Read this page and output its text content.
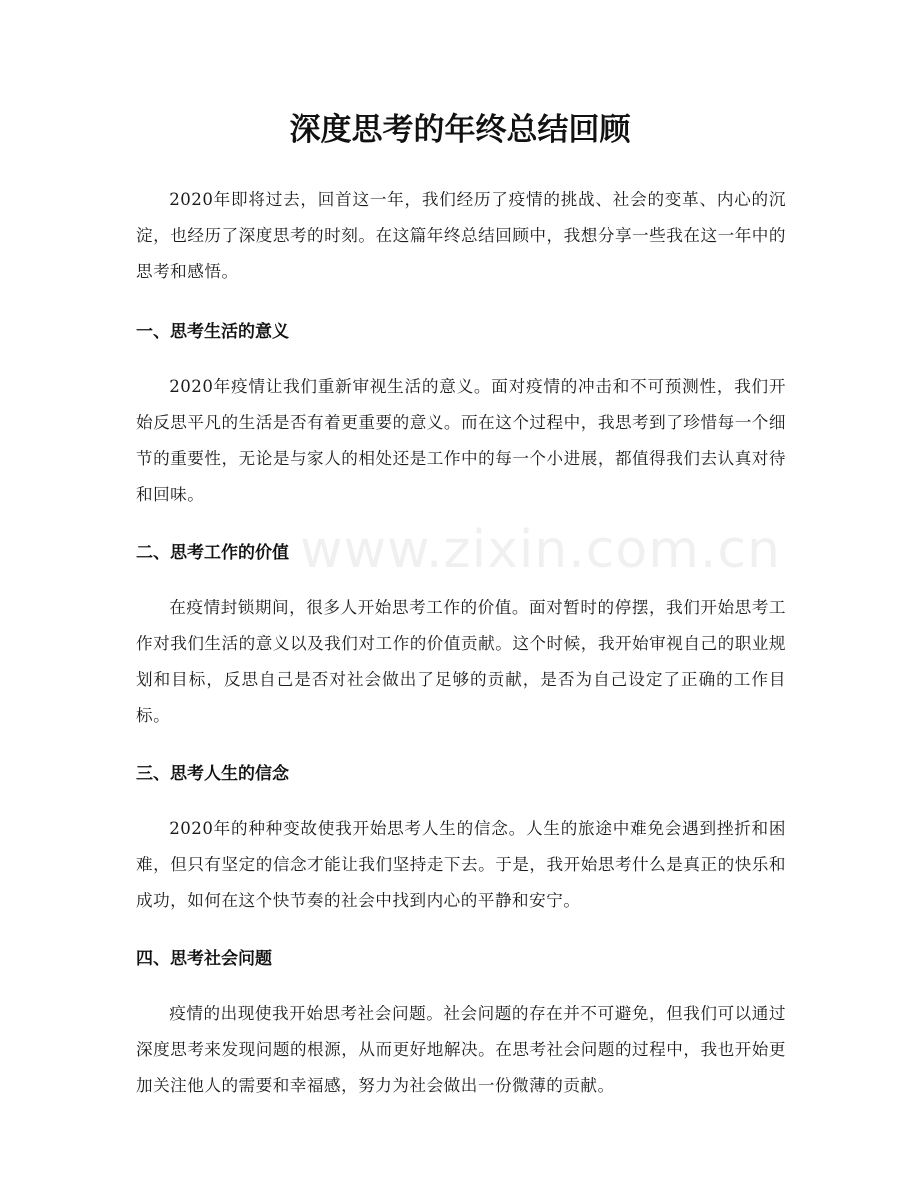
www.zixin.com.cn
深度思考的年终总结回顾

2020年即将过去，回首这一年，我们经历了疫情的挑战、社会的变革、内心的沉淀，也经历了深度思考的时刻。在这篇年终总结回顾中，我想分享一些我在这一年中的思考和感悟。

一、思考生活的意义

2020年疫情让我们重新审视生活的意义。面对疫情的冲击和不可预测性，我们开始反思平凡的生活是否有着更重要的意义。而在这个过程中，我思考到了珍惜每一个细节的重要性，无论是与家人的相处还是工作中的每一个小进展，都值得我们去认真对待和回味。

二、思考工作的价值

在疫情封锁期间，很多人开始思考工作的价值。面对暂时的停摆，我们开始思考工作对我们生活的意义以及我们对工作的价值贡献。这个时候，我开始审视自己的职业规划和目标，反思自己是否对社会做出了足够的贡献，是否为自己设定了正确的工作目标。

三、思考人生的信念

2020年的种种变故使我开始思考人生的信念。人生的旅途中难免会遇到挫折和困难，但只有坚定的信念才能让我们坚持走下去。于是，我开始思考什么是真正的快乐和成功，如何在这个快节奏的社会中找到内心的平静和安宁。

四、思考社会问题

疫情的出现使我开始思考社会问题。社会问题的存在并不可避免，但我们可以通过深度思考来发现问题的根源，从而更好地解决。在思考社会问题的过程中，我也开始更加关注他人的需要和幸福感，努力为社会做出一份微薄的贡献。
